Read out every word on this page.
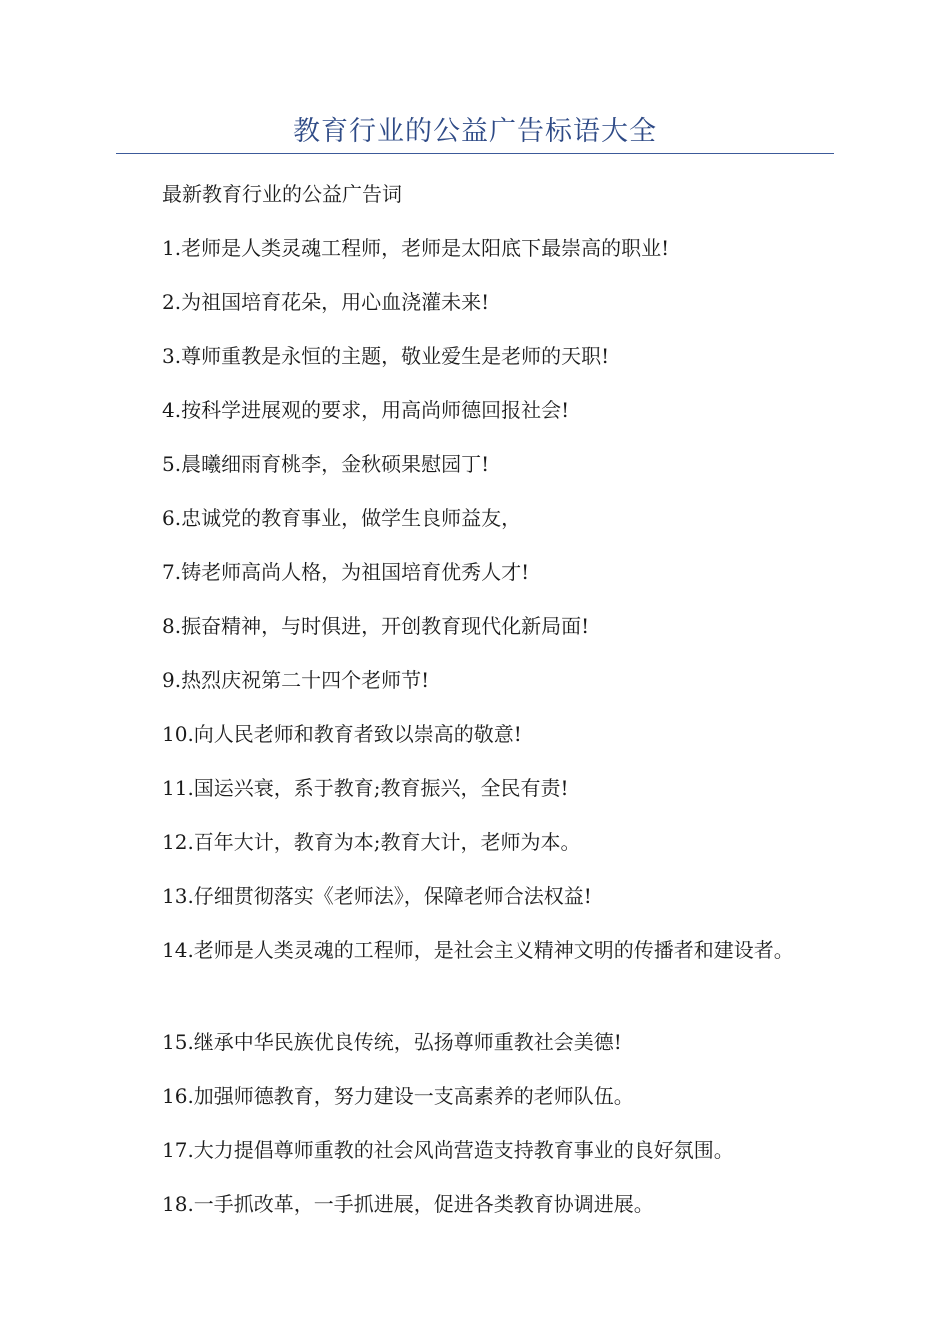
教育行业的公益广告标语大全

最新教育行业的公益广告词

1.老师是人类灵魂工程师，老师是太阳底下最崇高的职业!

2.为祖国培育花朵，用心血浇灌未来!

3.尊师重教是永恒的主题，敬业爱生是老师的天职!

4.按科学进展观的要求，用高尚师德回报社会!

5.晨曦细雨育桃李，金秋硕果慰园丁!

6.忠诚党的教育事业，做学生良师益友，

7.铸老师高尚人格，为祖国培育优秀人才!

8.振奋精神，与时俱进，开创教育现代化新局面!

9.热烈庆祝第二十四个老师节!

10.向人民老师和教育者致以崇高的敬意!

11.国运兴衰，系于教育;教育振兴，全民有责!

12.百年大计，教育为本;教育大计，老师为本。

13.仔细贯彻落实《老师法》，保障老师合法权益!

14.老师是人类灵魂的工程师，是社会主义精神文明的传播者和建设者。

15.继承中华民族优良传统，弘扬尊师重教社会美德!

16.加强师德教育，努力建设一支高素养的老师队伍。

17.大力提倡尊师重教的社会风尚营造支持教育事业的良好氛围。

18.一手抓改革，一手抓进展，促进各类教育协调进展。
